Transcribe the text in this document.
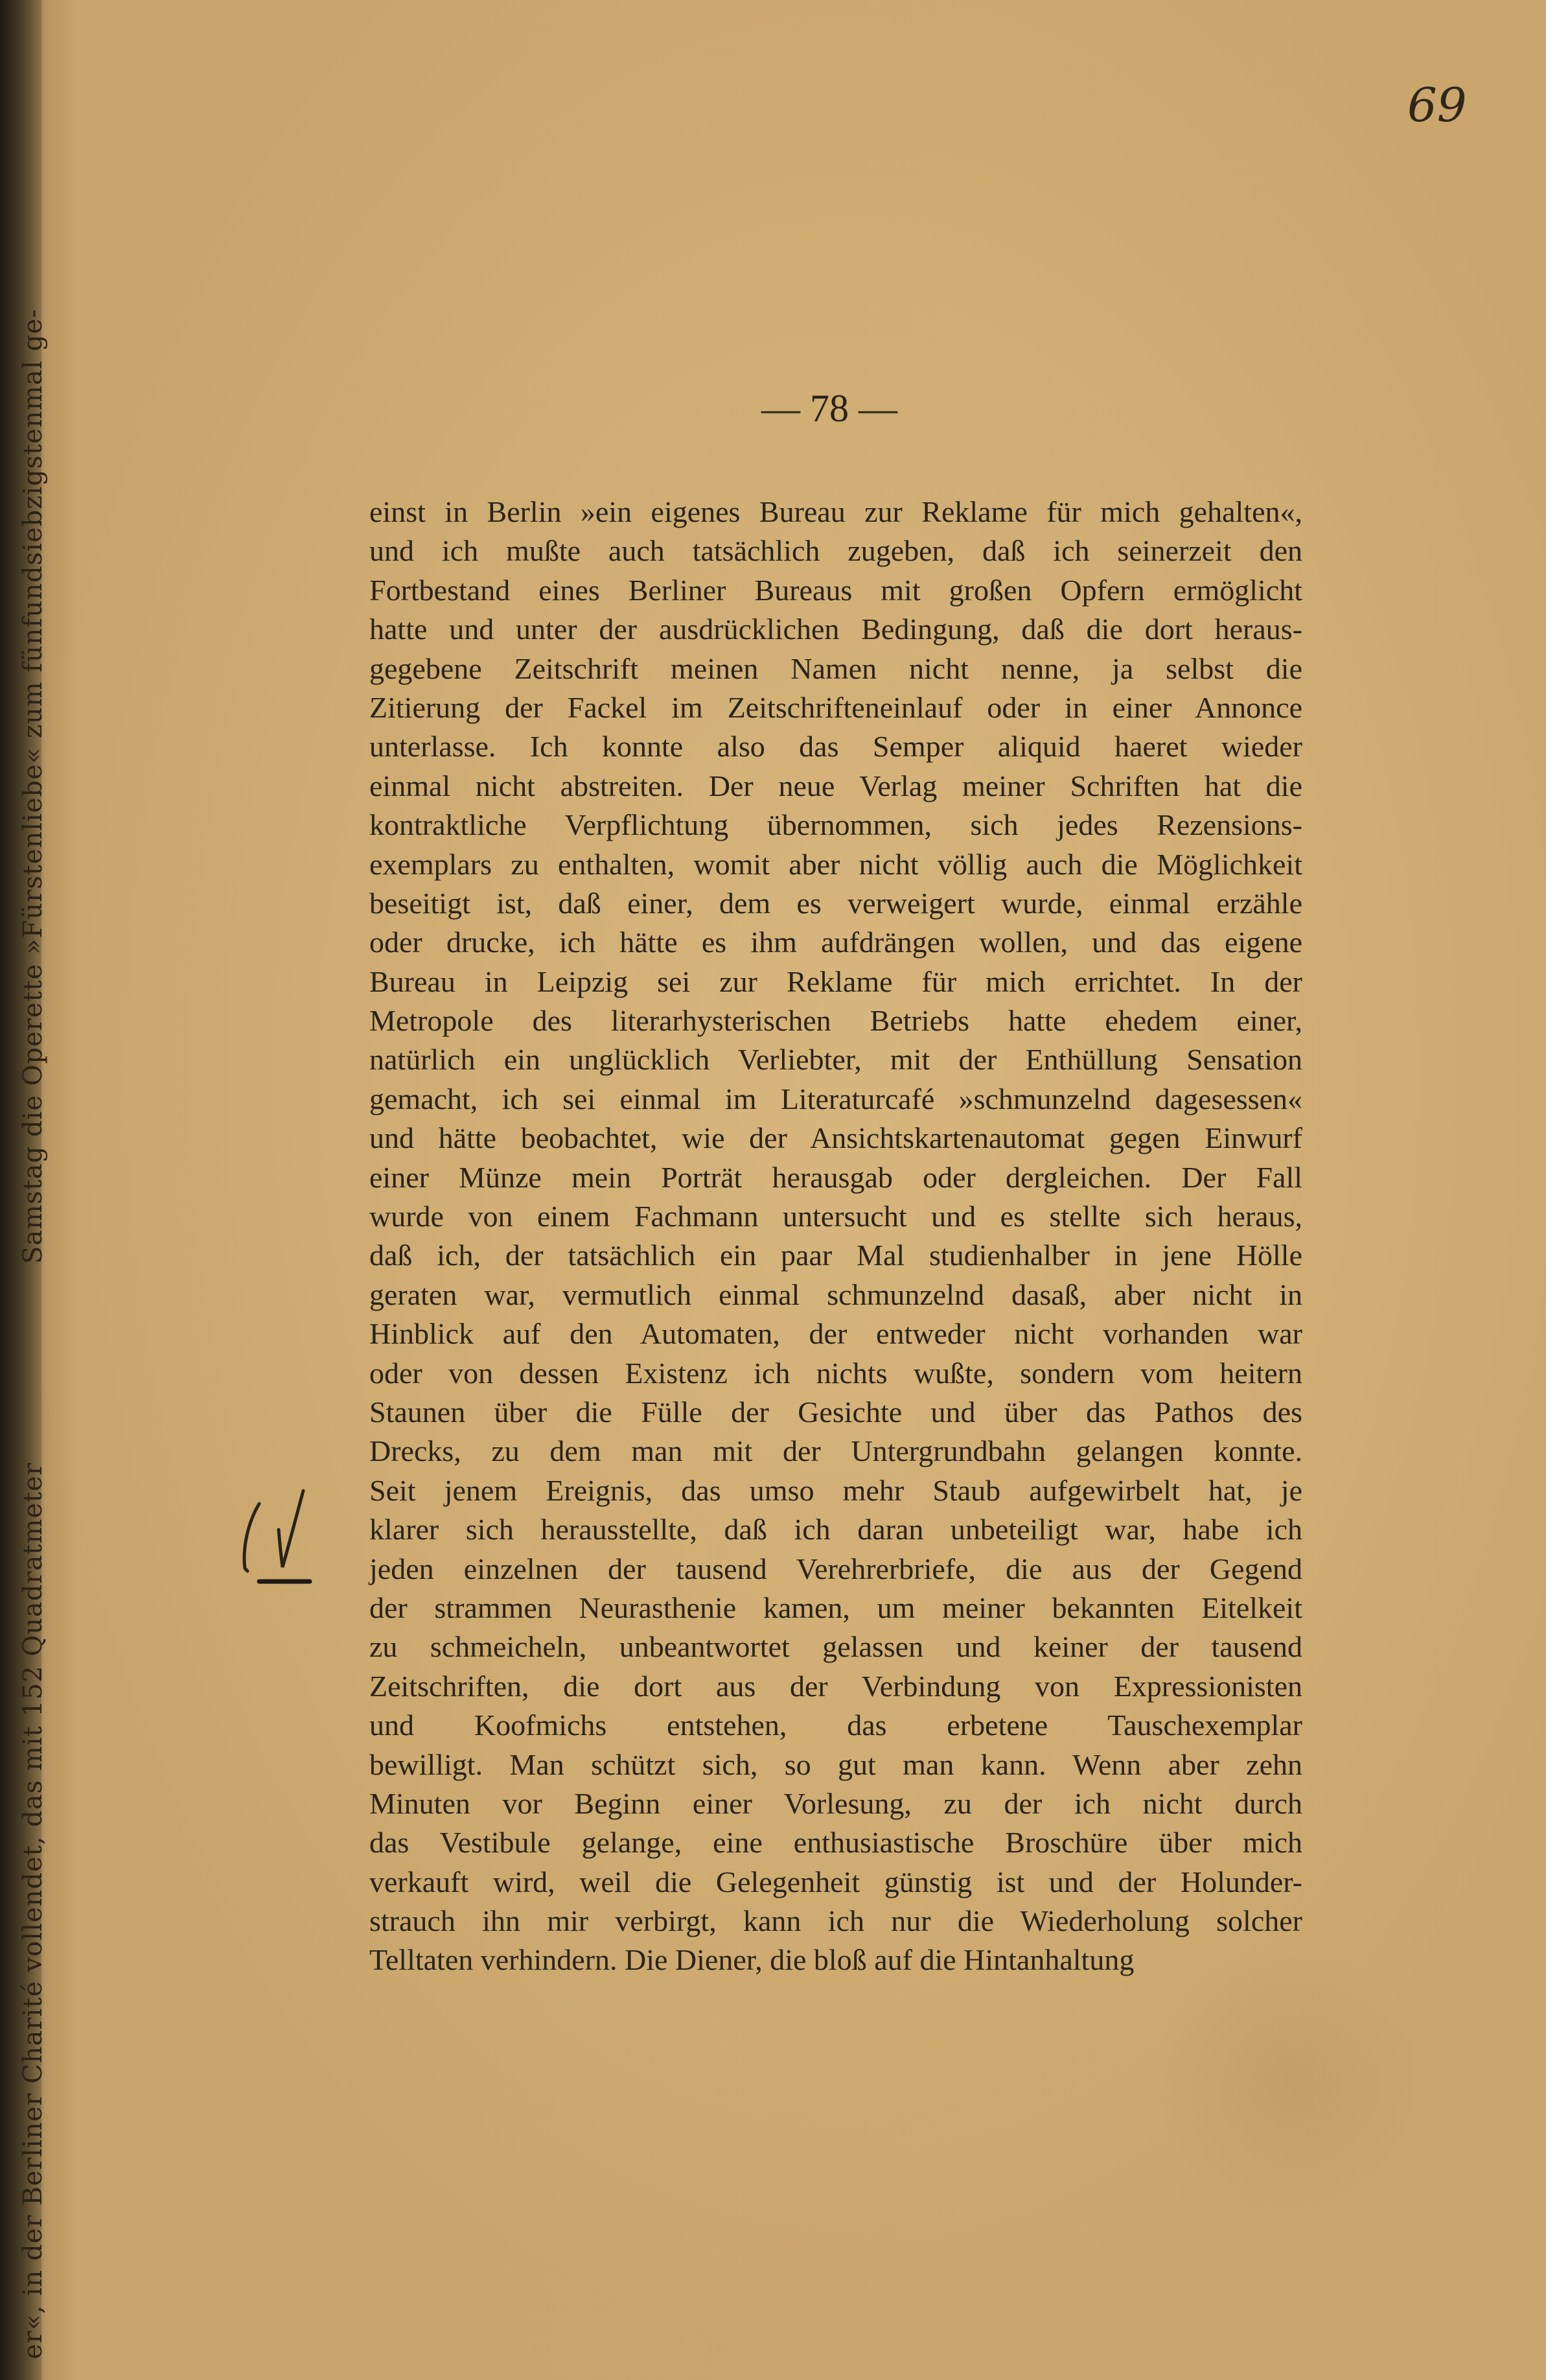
Samstag die Operette »Fürstenliebe« zum fünfundsiebzigstenmal ge-
er«, in der Berliner Charité vollendet, das mit 152 Quadratmeter
69
— 78 —
einst in Berlin »ein eigenes Bureau zur Reklame für mich gehalten«,
und ich mußte auch tatsächlich zugeben, daß ich seinerzeit den
Fortbestand eines Berliner Bureaus mit großen Opfern ermöglicht
hatte und unter der ausdrücklichen Bedingung, daß die dort heraus-
gegebene Zeitschrift meinen Namen nicht nenne, ja selbst die
Zitierung der Fackel im Zeitschrifteneinlauf oder in einer Annonce
unterlasse. Ich konnte also das Semper aliquid haeret wieder
einmal nicht abstreiten. Der neue Verlag meiner Schriften hat die
kontraktliche Verpflichtung übernommen, sich jedes Rezensions-
exemplars zu enthalten, womit aber nicht völlig auch die Möglichkeit
beseitigt ist, daß einer, dem es verweigert wurde, einmal erzähle
oder drucke, ich hätte es ihm aufdrängen wollen, und das eigene
Bureau in Leipzig sei zur Reklame für mich errichtet. In der
Metropole des literarhysterischen Betriebs hatte ehedem einer,
natürlich ein unglücklich Verliebter, mit der Enthüllung Sensation
gemacht, ich sei einmal im Literaturcafé »schmunzelnd dagesessen«
und hätte beobachtet, wie der Ansichtskartenautomat gegen Einwurf
einer Münze mein Porträt herausgab oder dergleichen. Der Fall
wurde von einem Fachmann untersucht und es stellte sich heraus,
daß ich, der tatsächlich ein paar Mal studienhalber in jene Hölle
geraten war, vermutlich einmal schmunzelnd dasaß, aber nicht in
Hinblick auf den Automaten, der entweder nicht vorhanden war
oder von dessen Existenz ich nichts wußte, sondern vom heitern
Staunen über die Fülle der Gesichte und über das Pathos des
Drecks, zu dem man mit der Untergrundbahn gelangen konnte.
Seit jenem Ereignis, das umso mehr Staub aufgewirbelt hat, je
klarer sich herausstellte, daß ich daran unbeteiligt war, habe ich
jeden einzelnen der tausend Verehrerbriefe, die aus der Gegend
der strammen Neurasthenie kamen, um meiner bekannten Eitelkeit
zu schmeicheln, unbeantwortet gelassen und keiner der tausend
Zeitschriften, die dort aus der Verbindung von Expressionisten
und Koofmichs entstehen, das erbetene Tauschexemplar
bewilligt. Man schützt sich, so gut man kann. Wenn aber zehn
Minuten vor Beginn einer Vorlesung, zu der ich nicht durch
das Vestibule gelange, eine enthusiastische Broschüre über mich
verkauft wird, weil die Gelegenheit günstig ist und der Holunder-
strauch ihn mir verbirgt, kann ich nur die Wiederholung solcher
Telltaten verhindern. Die Diener, die bloß auf die Hintanhaltung
